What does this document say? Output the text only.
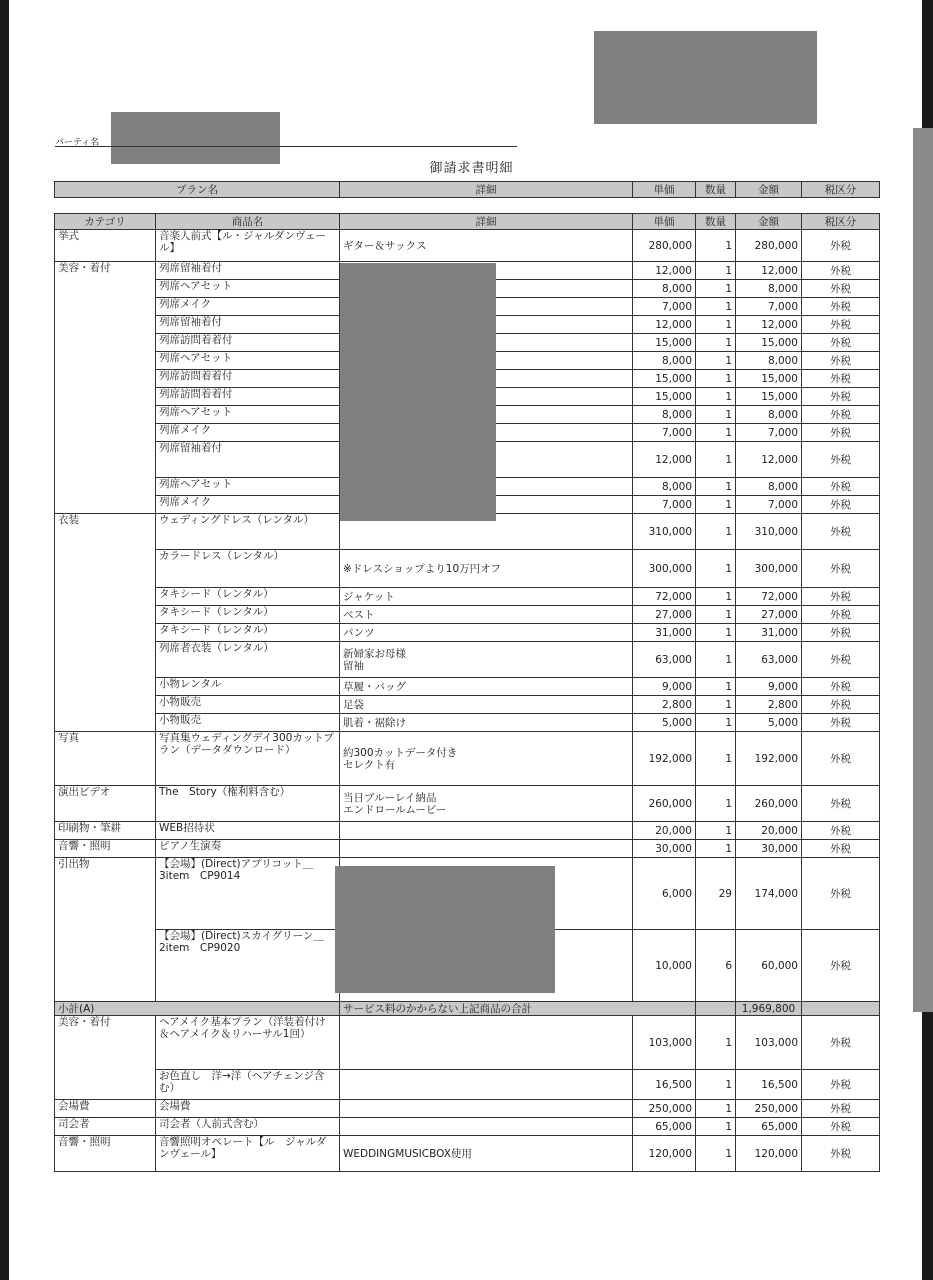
パーティ名
御請求書明細
プラン名	詳細	単価	数量	金額	税区分
カテゴリ	商品名	詳細	単価	数量	金額	税区分
挙式	音楽人前式【ル・ジャルダンヴェール】	ギター＆サックス	280,000	1	280,000	外税
美容・着付	列席留袖着付		12,000	1	12,000	外税
	列席ヘアセット		8,000	1	8,000	外税
	列席メイク		7,000	1	7,000	外税
	列席留袖着付		12,000	1	12,000	外税
	列席訪問着着付		15,000	1	15,000	外税
	列席ヘアセット		8,000	1	8,000	外税
	列席訪問着着付		15,000	1	15,000	外税
	列席訪問着着付		15,000	1	15,000	外税
	列席ヘアセット		8,000	1	8,000	外税
	列席メイク		7,000	1	7,000	外税
	列席留袖着付		12,000	1	12,000	外税
	列席ヘアセット		8,000	1	8,000	外税
	列席メイク		7,000	1	7,000	外税
衣装	ウェディングドレス（レンタル）		310,000	1	310,000	外税
	カラードレス（レンタル）	※ドレスショップより10万円オフ	300,000	1	300,000	外税
	タキシード（レンタル）	ジャケット	72,000	1	72,000	外税
	タキシード（レンタル）	ベスト	27,000	1	27,000	外税
	タキシード（レンタル）	パンツ	31,000	1	31,000	外税
	列席者衣装（レンタル）	新婦家お母様
留袖	63,000	1	63,000	外税
	小物レンタル	草履・バッグ	9,000	1	9,000	外税
	小物販売	足袋	2,800	1	2,800	外税
	小物販売	肌着・裾除け	5,000	1	5,000	外税
写真	写真集ウェディングデイ300カットプラン（データダウンロード）	約300カットデータ付き
セレクト有	192,000	1	192,000	外税
演出ビデオ	The　Story（権利料含む）	当日ブルーレイ納品
エンドロールムービー	260,000	1	260,000	外税
印刷物・筆耕	WEB招待状		20,000	1	20,000	外税
音響・照明	ピアノ生演奏		30,000	1	30,000	外税
引出物	【会場】(Direct)アプリコット＿3item　CP9014		6,000	29	174,000	外税
	【会場】(Direct)スカイグリーン＿2item　CP9020		10,000	6	60,000	外税
小計(A)		サービス料のかからない上記商品の合計			1,969,800	
美容・着付	ヘアメイク基本プラン（洋装着付け＆ヘアメイク＆リハーサル1回）		103,000	1	103,000	外税
	お色直し　洋→洋（ヘアチェンジ含む）		16,500	1	16,500	外税
会場費	会場費		250,000	1	250,000	外税
司会者	司会者（人前式含む）		65,000	1	65,000	外税
音響・照明	音響照明オペレート【ル　ジャルダンヴェール】	WEDDINGMUSICBOX使用	120,000	1	120,000	外税
